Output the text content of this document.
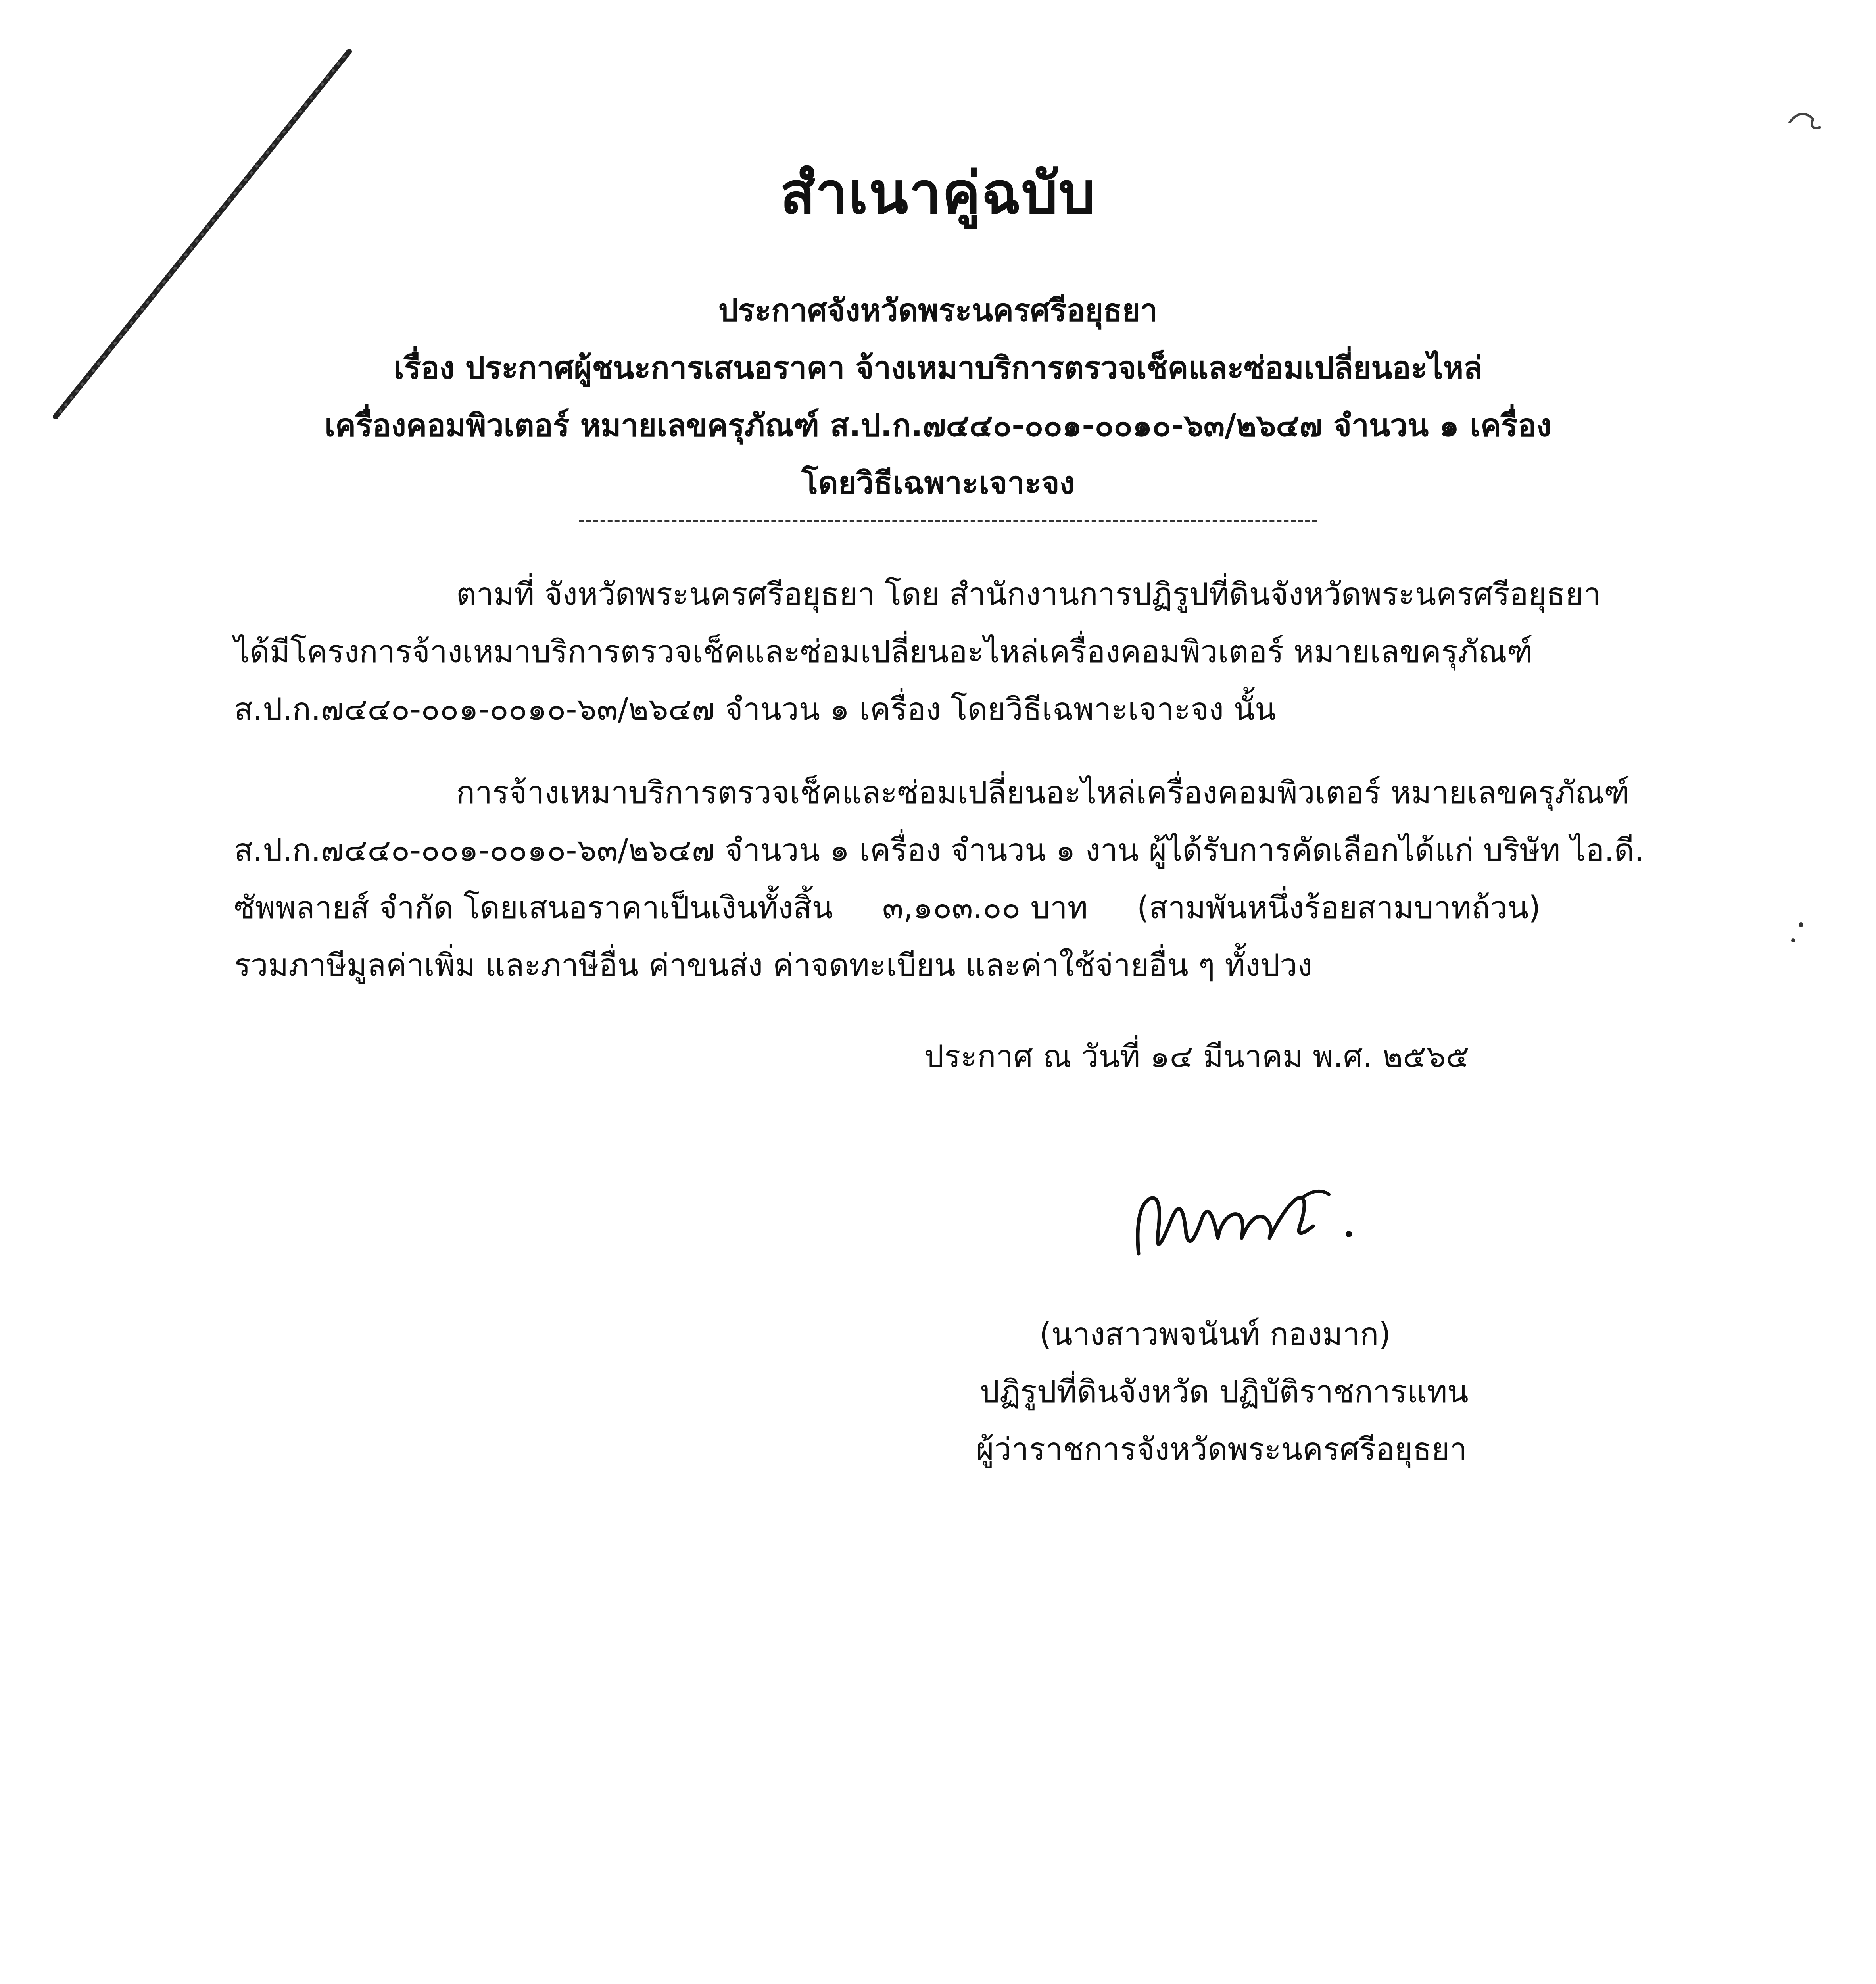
สำเนาคู่ฉบับ
ประกาศจังหวัดพระนครศรีอยุธยา
เรื่อง ประกาศผู้ชนะการเสนอราคา จ้างเหมาบริการตรวจเช็คและซ่อมเปลี่ยนอะไหล่
เครื่องคอมพิวเตอร์ หมายเลขครุภัณฑ์ ส.ป.ก.๗๔๔๐-๐๐๑-๐๐๑๐-๖๓/๒๖๔๗ จำนวน ๑ เครื่อง
โดยวิธีเฉพาะเจาะจง
ตามที่ จังหวัดพระนครศรีอยุธยา โดย สำนักงานการปฏิรูปที่ดินจังหวัดพระนครศรีอยุธยา
ได้มีโครงการจ้างเหมาบริการตรวจเช็คและซ่อมเปลี่ยนอะไหล่เครื่องคอมพิวเตอร์ หมายเลขครุภัณฑ์
ส.ป.ก.๗๔๔๐-๐๐๑-๐๐๑๐-๖๓/๒๖๔๗ จำนวน ๑ เครื่อง โดยวิธีเฉพาะเจาะจง นั้น
การจ้างเหมาบริการตรวจเช็คและซ่อมเปลี่ยนอะไหล่เครื่องคอมพิวเตอร์ หมายเลขครุภัณฑ์
ส.ป.ก.๗๔๔๐-๐๐๑-๐๐๑๐-๖๓/๒๖๔๗ จำนวน ๑ เครื่อง จำนวน ๑ งาน ผู้ได้รับการคัดเลือกได้แก่ บริษัท ไอ.ดี.
ซัพพลายส์ จำกัด โดยเสนอราคาเป็นเงินทั้งสิ้น     ๓,๑๐๓.๐๐ บาท     (สามพันหนึ่งร้อยสามบาทถ้วน)
รวมภาษีมูลค่าเพิ่ม และภาษีอื่น ค่าขนส่ง ค่าจดทะเบียน และค่าใช้จ่ายอื่น ๆ ทั้งปวง
ประกาศ ณ วันที่ ๑๔ มีนาคม พ.ศ. ๒๕๖๕
(นางสาวพจนันท์ กองมาก)
ปฏิรูปที่ดินจังหวัด ปฏิบัติราชการแทน
ผู้ว่าราชการจังหวัดพระนครศรีอยุธยา
